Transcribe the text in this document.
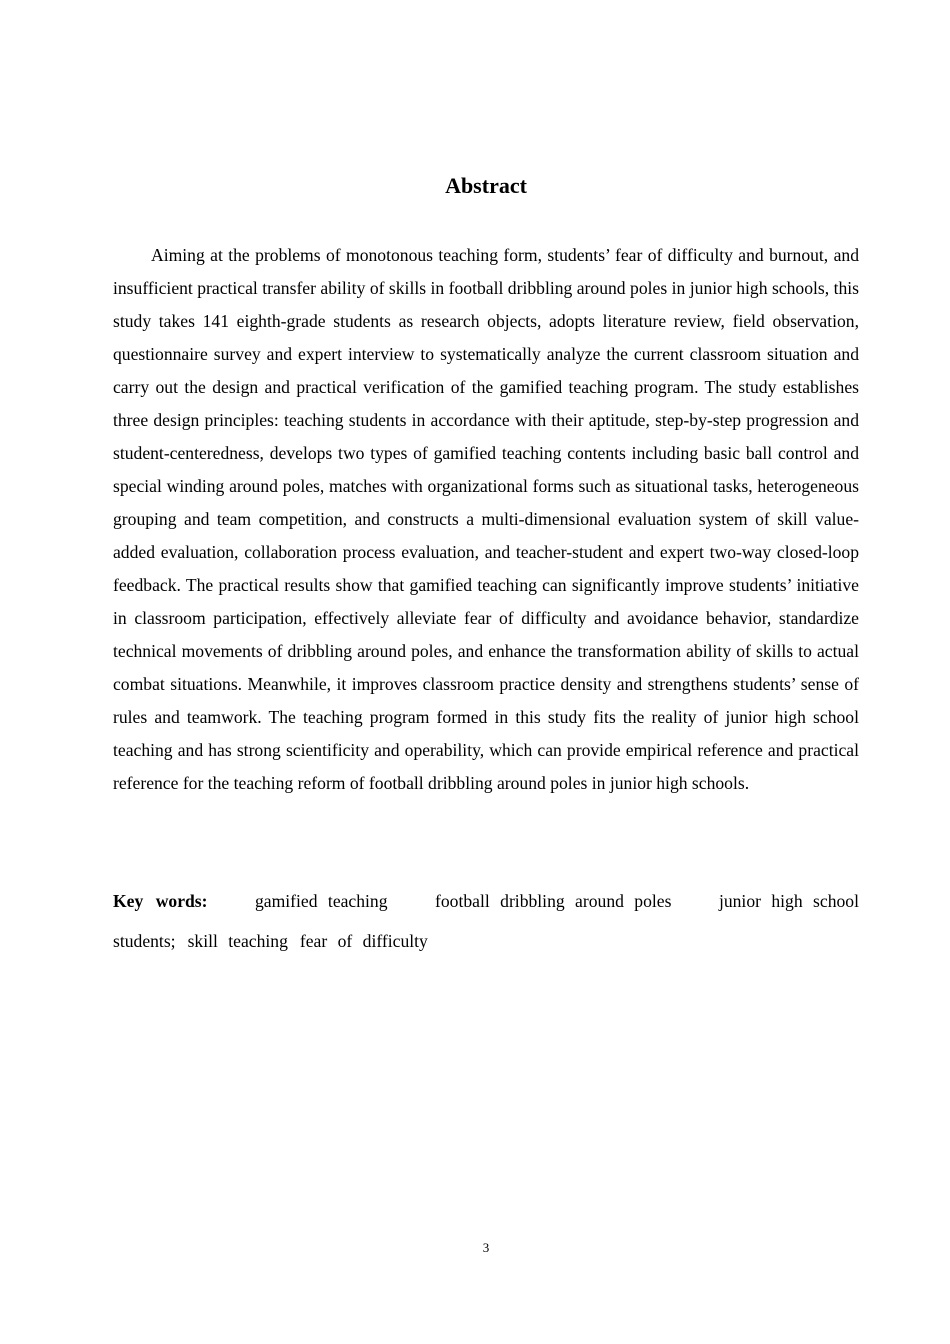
Abstract

Aiming at the problems of monotonous teaching form, students’ fear of difficulty and burnout, and insufficient practical transfer ability of skills in football dribbling around poles in junior high schools, this study takes 141 eighth-grade students as research objects, adopts literature review, field observation, questionnaire survey and expert interview to systematically analyze the current classroom situation and carry out the design and practical verification of the gamified teaching program. The study establishes three design principles: teaching students in accordance with their aptitude, step-by-step progression and student-centeredness, develops two types of gamified teaching contents including basic ball control and special winding around poles, matches with organizational forms such as situational tasks, heterogeneous grouping and team competition, and constructs a multi-dimensional evaluation system of skill value-added evaluation, collaboration process evaluation, and teacher-student and expert two-way closed-loop feedback. The practical results show that gamified teaching can significantly improve students’ initiative in classroom participation, effectively alleviate fear of difficulty and avoidance behavior, standardize technical movements of dribbling around poles, and enhance the transformation ability of skills to actual combat situations. Meanwhile, it improves classroom practice density and strengthens students’ sense of rules and teamwork. The teaching program formed in this study fits the reality of junior high school teaching and has strong scientificity and operability, which can provide empirical reference and practical reference for the teaching reform of football dribbling around poles in junior high schools.

Key words:	gamified teaching	football dribbling around poles	junior high school
students; skill teaching fear of difficulty
3
